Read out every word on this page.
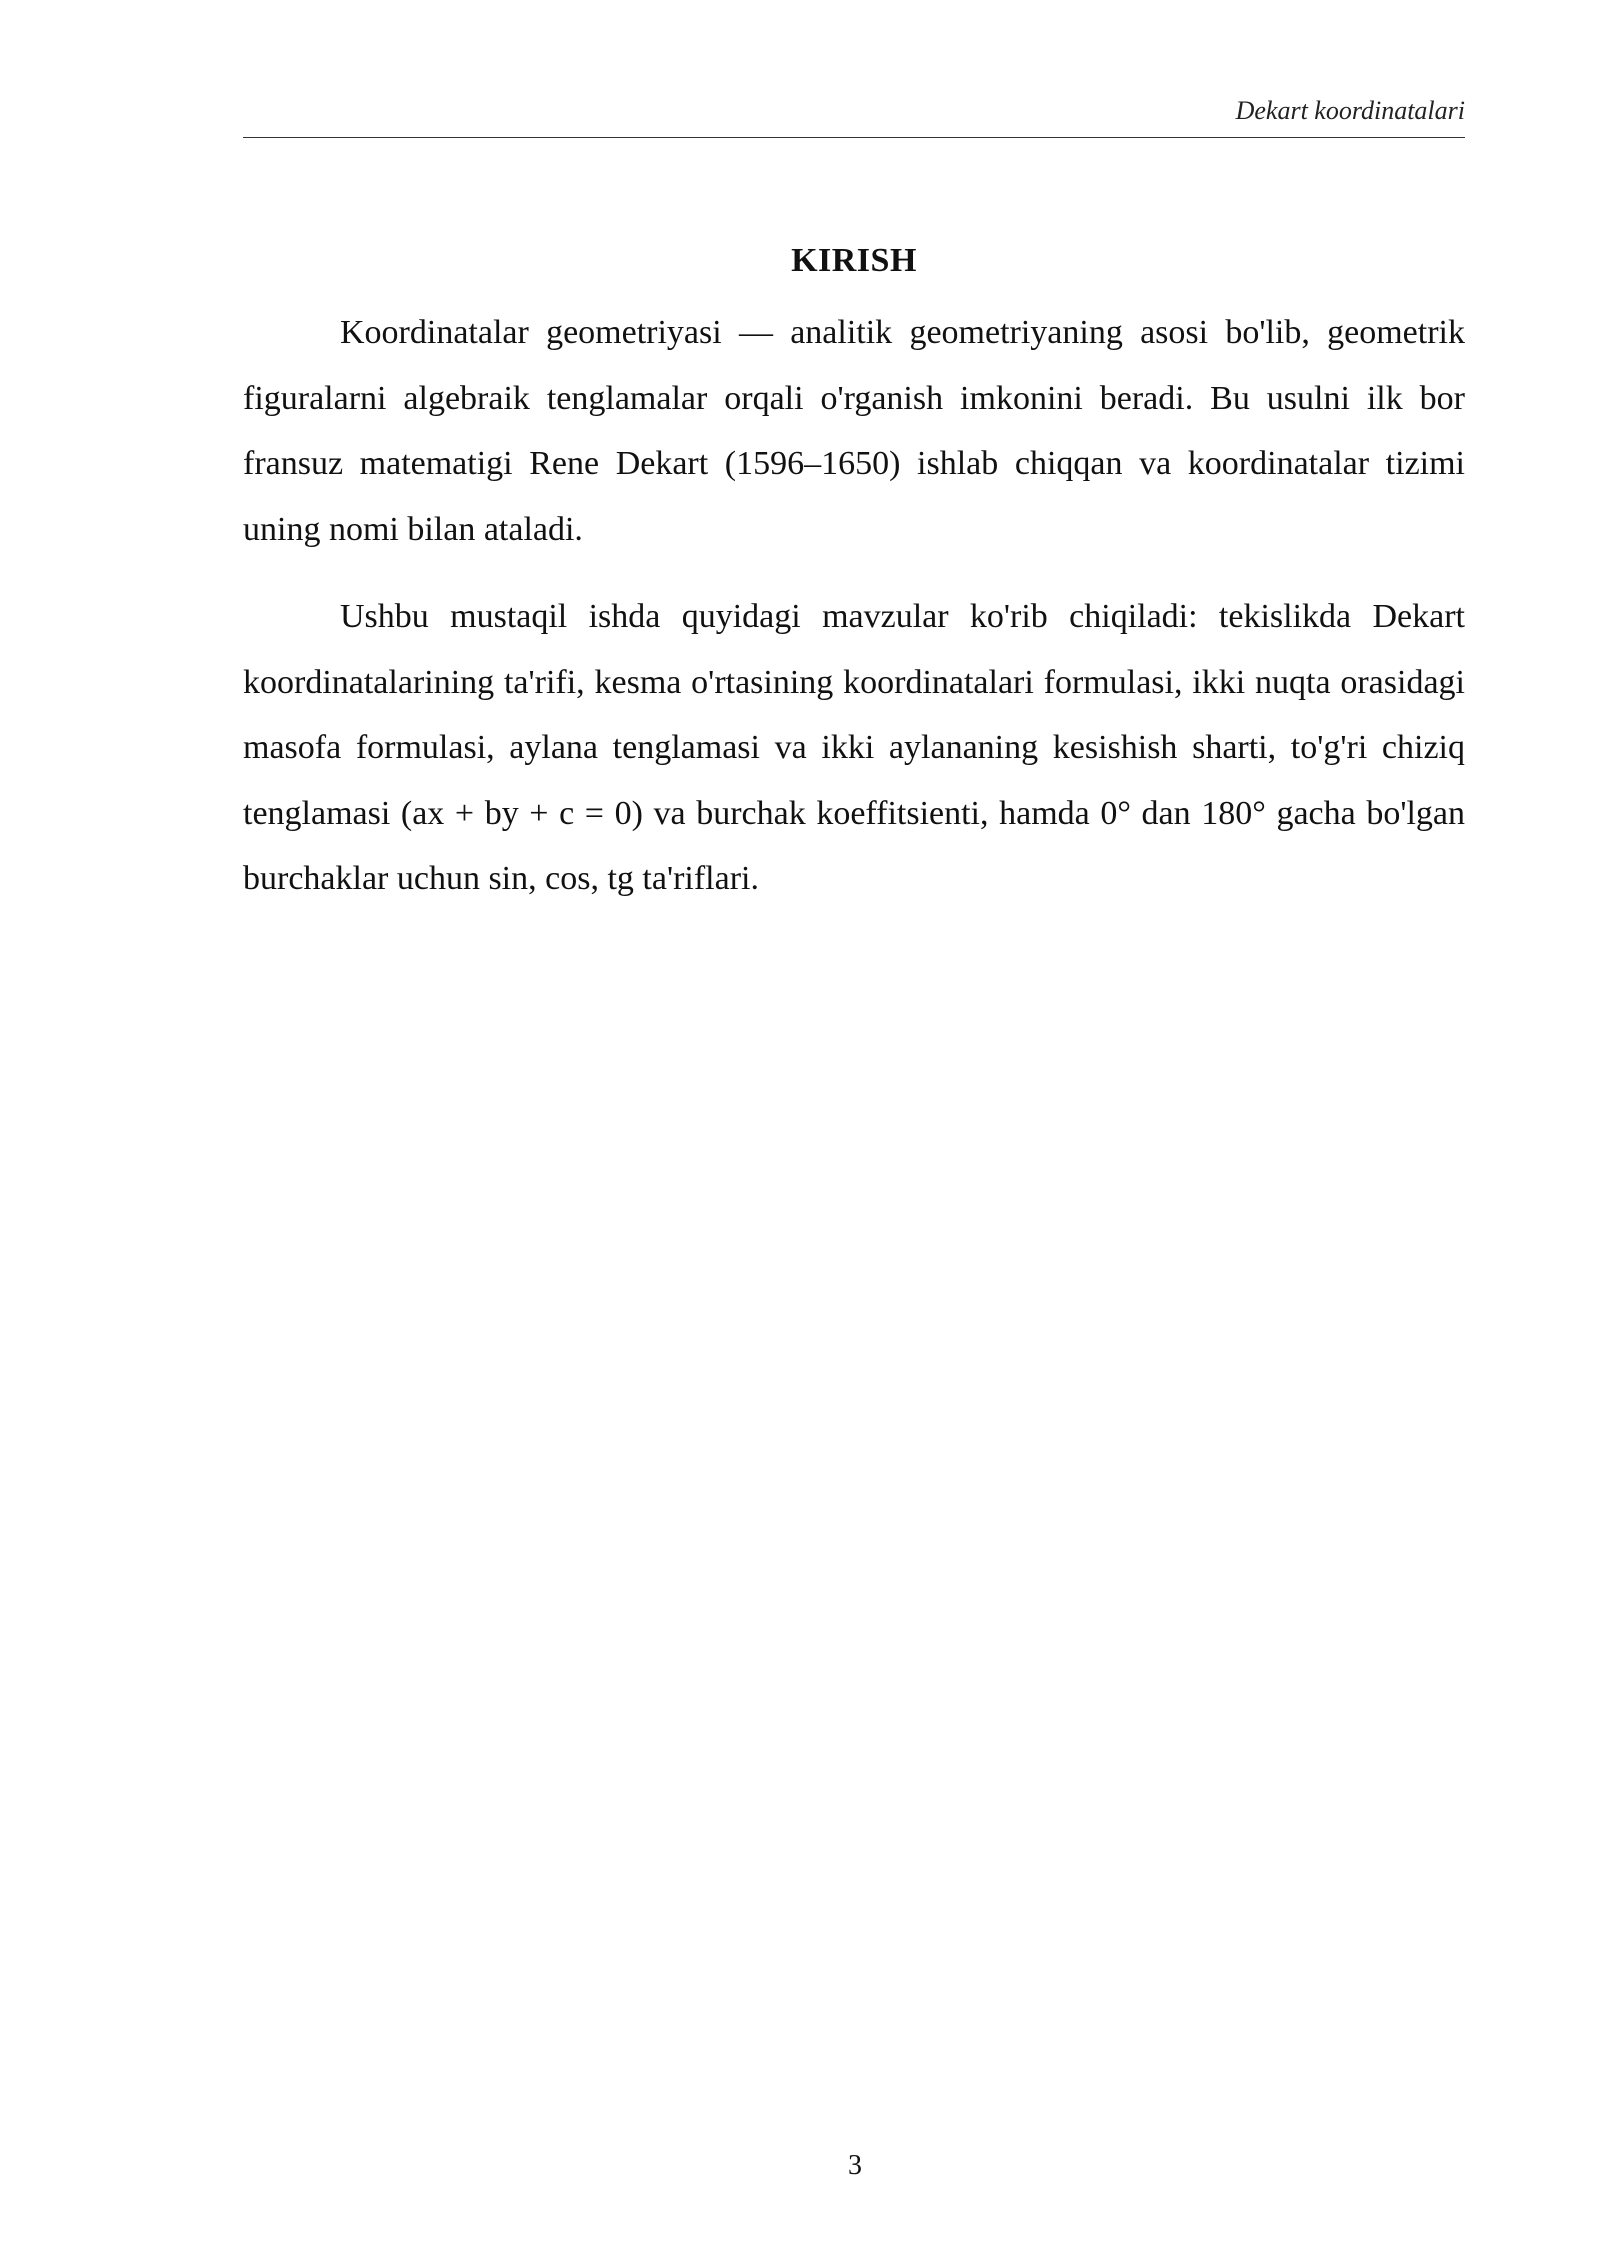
Dekart koordinatalari
KIRISH

Koordinatalar geometriyasi — analitik geometriyaning asosi bo'lib, geometrik figuralarni algebraik tenglamalar orqali o'rganish imkonini beradi. Bu usulni ilk bor fransuz matematigi Rene Dekart (1596–1650) ishlab chiqqan va koordinatalar tizimi uning nomi bilan ataladi.

Ushbu mustaqil ishda quyidagi mavzular ko'rib chiqiladi: tekislikda Dekart koordinatalarining ta'rifi, kesma o'rtasining koordinatalari formulasi, ikki nuqta orasidagi masofa formulasi, aylana tenglamasi va ikki aylananing kesishish sharti, to'g'ri chiziq tenglamasi (ax + by + c = 0) va burchak koeffitsienti, hamda 0° dan 180° gacha bo'lgan burchaklar uchun sin, cos, tg ta'riflari.

3
